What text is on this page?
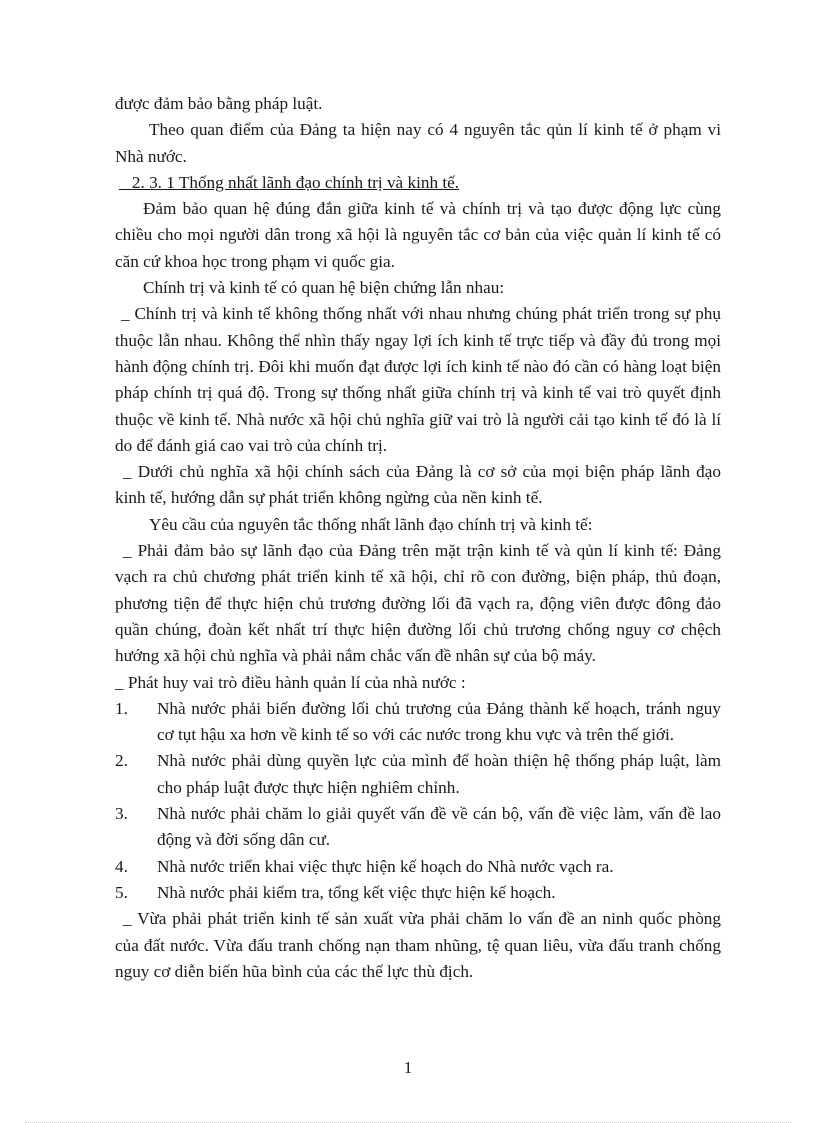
được đảm bảo bằng pháp luật.

Theo quan điểm của Đảng ta hiện nay có 4 nguyên tắc qủn lí kinh tế ở phạm vi Nhà nước.

_ 2. 3. 1 Thống nhất lãnh đạo chính trị và kinh tế.

Đảm bảo quan hệ đúng đắn giữa kinh tế và chính trị và tạo được động lực cùng chiều cho mọi người dân trong xã hội là nguyên tắc cơ bản của việc quản lí kinh tế có căn cứ khoa học trong phạm vi quốc gia.

Chính trị và kinh tế có quan hệ biện chứng lẫn nhau:

_ Chính trị và kinh tế không thống nhất với nhau nhưng chúng phát triển trong sự phụ thuộc lẫn nhau. Không thể nhìn thấy ngay lợi ích kinh tế trực tiếp và đầy đủ trong mọi hành động chính trị. Đôi khi muốn đạt được lợi ích kinh tế nào đó cần có hàng loạt biện pháp chính trị quá độ. Trong sự thống nhất giữa chính trị và kinh tế vai trò quyết định thuộc về kinh tế. Nhà nước xã hội chủ nghĩa giữ vai trò là người cải tạo kinh tế đó là lí do để đánh giá cao vai trò của chính trị.

_ Dưới chủ nghĩa xã hội chính sách của Đảng là cơ sở của mọi biện pháp lãnh đạo kinh tế, hướng dẫn sự phát triển không ngừng của nền kinh tế.

Yêu cầu của nguyên tắc thống nhất lãnh đạo chính trị và kinh tế:

_ Phải đảm bảo sự lãnh đạo của Đảng trên mặt trận kinh tế và qủn lí kinh tế: Đảng vạch ra chủ chương phát triển kinh tế xã hội, chỉ rõ con đường, biện pháp, thủ đoạn, phương tiện để thực hiện chủ trương đường lối đã vạch ra, động viên được đông đảo quần chúng, đoàn kết nhất trí thực hiện đường lối chủ trương chống nguy cơ chệch hướng xã hội chủ nghĩa và phải nắm chắc vấn đề nhân sự của bộ máy.

_ Phát huy vai trò điều hành quản lí của nhà nước :

1.	Nhà nước phải biến đường lối chủ trương của Đảng thành kế hoạch, tránh nguy cơ tụt hậu xa hơn về kinh tế so với các nước trong khu vực và trên thế giới.
2.	Nhà nước phải dùng quyền lực của mình để hoàn thiện hệ thống pháp luật, làm cho pháp luật được thực hiện nghiêm chỉnh.
3.	Nhà nước phải chăm lo giải quyết vấn đề về cán bộ, vấn đề việc làm, vấn đề lao động và đời sống dân cư.
4.	Nhà nước triển khai việc thực hiện kế hoạch do Nhà nước vạch ra.
5.	Nhà nước phải kiểm tra, tổng kết việc thực hiện kế hoạch.

_ Vừa phải phát triển kinh tế sản xuất vừa phải chăm lo vấn đề an ninh quốc phòng của đất nước. Vừa đấu tranh chống nạn tham nhũng, tệ quan liêu, vừa đấu tranh chống nguy cơ diễn biến hũa bình của các thế lực thù địch.

1
